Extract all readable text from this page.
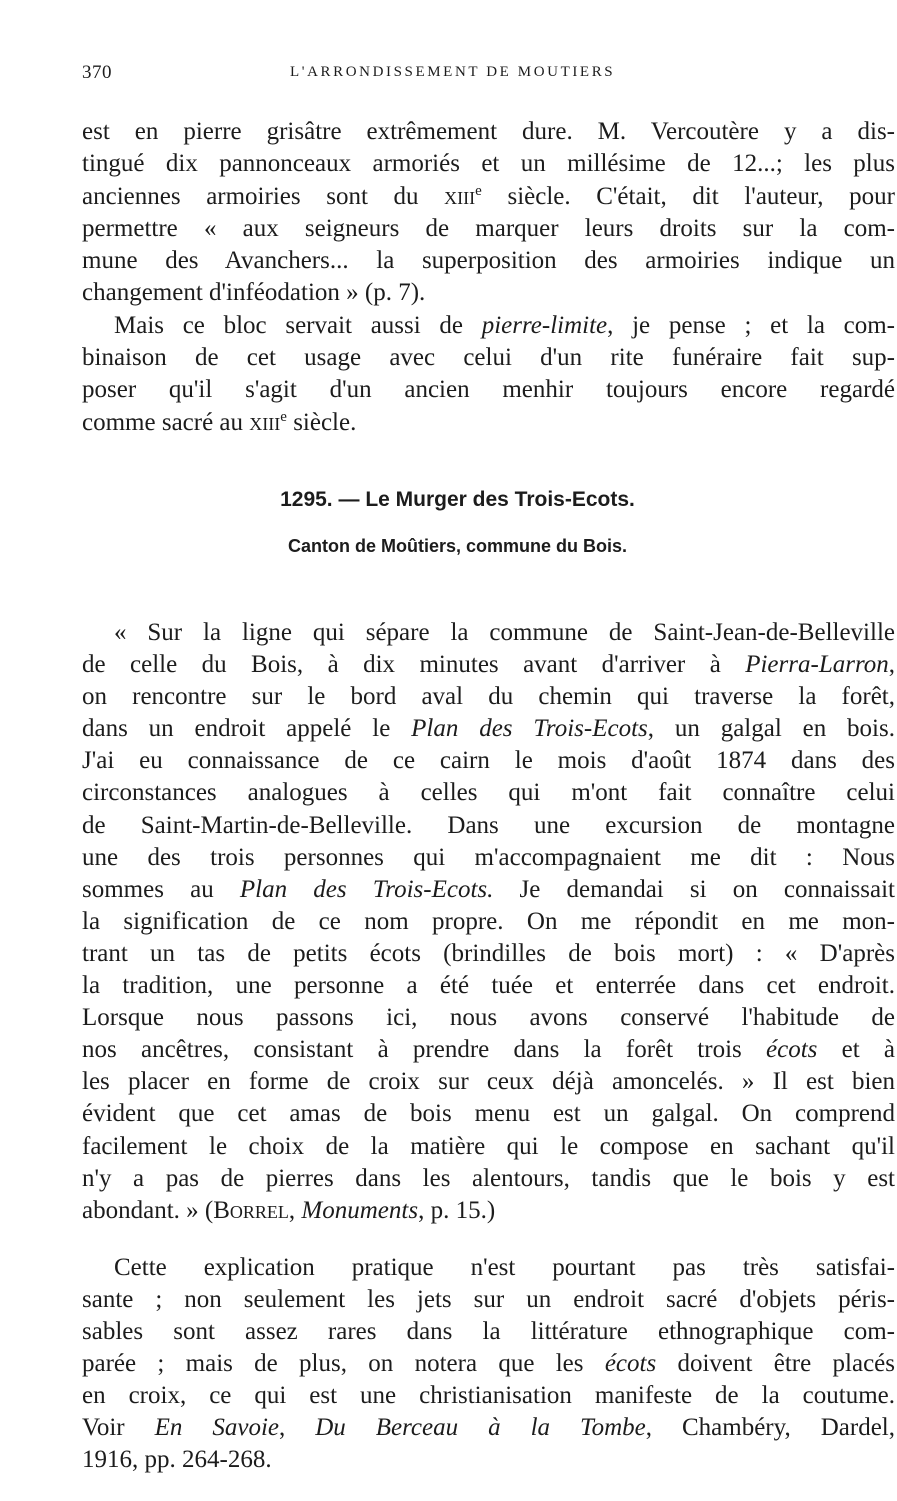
370	L'ARRONDISSEMENT DE MOUTIERS

est en pierre grisâtre extrêmement dure. M. Vercoutère y a dis-
tingué dix pannonceaux armoriés et un millésime de 12...; les plus
anciennes armoiries sont du xiii$^e$ siècle. C'était, dit l'auteur, pour
permettre « aux seigneurs de marquer leurs droits sur la com-
mune des Avanchers... la superposition des armoiries indique un
changement d'inféodation » (p. 7).

Mais ce bloc servait aussi de pierre-limite, je pense ; et la com-
binaison de cet usage avec celui d'un rite funéraire fait sup-
poser qu'il s'agit d'un ancien menhir toujours encore regardé
comme sacré au xiii$^e$ siècle.

1295. — Le Murger des Trois-Ecots.
Canton de Moûtiers, commune du Bois.

« Sur la ligne qui sépare la commune de Saint-Jean-de-Belleville
de celle du Bois, à dix minutes avant d'arriver à Pierra-Larron,
on rencontre sur le bord aval du chemin qui traverse la forêt,
dans un endroit appelé le Plan des Trois-Ecots, un galgal en bois.
J'ai eu connaissance de ce cairn le mois d'août 1874 dans des
circonstances analogues à celles qui m'ont fait connaître celui
de Saint-Martin-de-Belleville. Dans une excursion de montagne
une des trois personnes qui m'accompagnaient me dit : Nous
sommes au Plan des Trois-Ecots. Je demandai si on connaissait
la signification de ce nom propre. On me répondit en me mon-
trant un tas de petits écots (brindilles de bois mort) : « D'après
la tradition, une personne a été tuée et enterrée dans cet endroit.
Lorsque nous passons ici, nous avons conservé l'habitude de
nos ancêtres, consistant à prendre dans la forêt trois écots et à
les placer en forme de croix sur ceux déjà amoncelés. » Il est bien
évident que cet amas de bois menu est un galgal. On comprend
facilement le choix de la matière qui le compose en sachant qu'il
n'y a pas de pierres dans les alentours, tandis que le bois y est
abondant. » (Borrel, Monuments, p. 15.)

Cette explication pratique n'est pourtant pas très satisfai-
sante ; non seulement les jets sur un endroit sacré d'objets péris-
sables sont assez rares dans la littérature ethnographique com-
parée ; mais de plus, on notera que les écots doivent être placés
en croix, ce qui est une christianisation manifeste de la coutume.
Voir En Savoie, Du Berceau à la Tombe, Chambéry, Dardel,
1916, pp. 264-268.
